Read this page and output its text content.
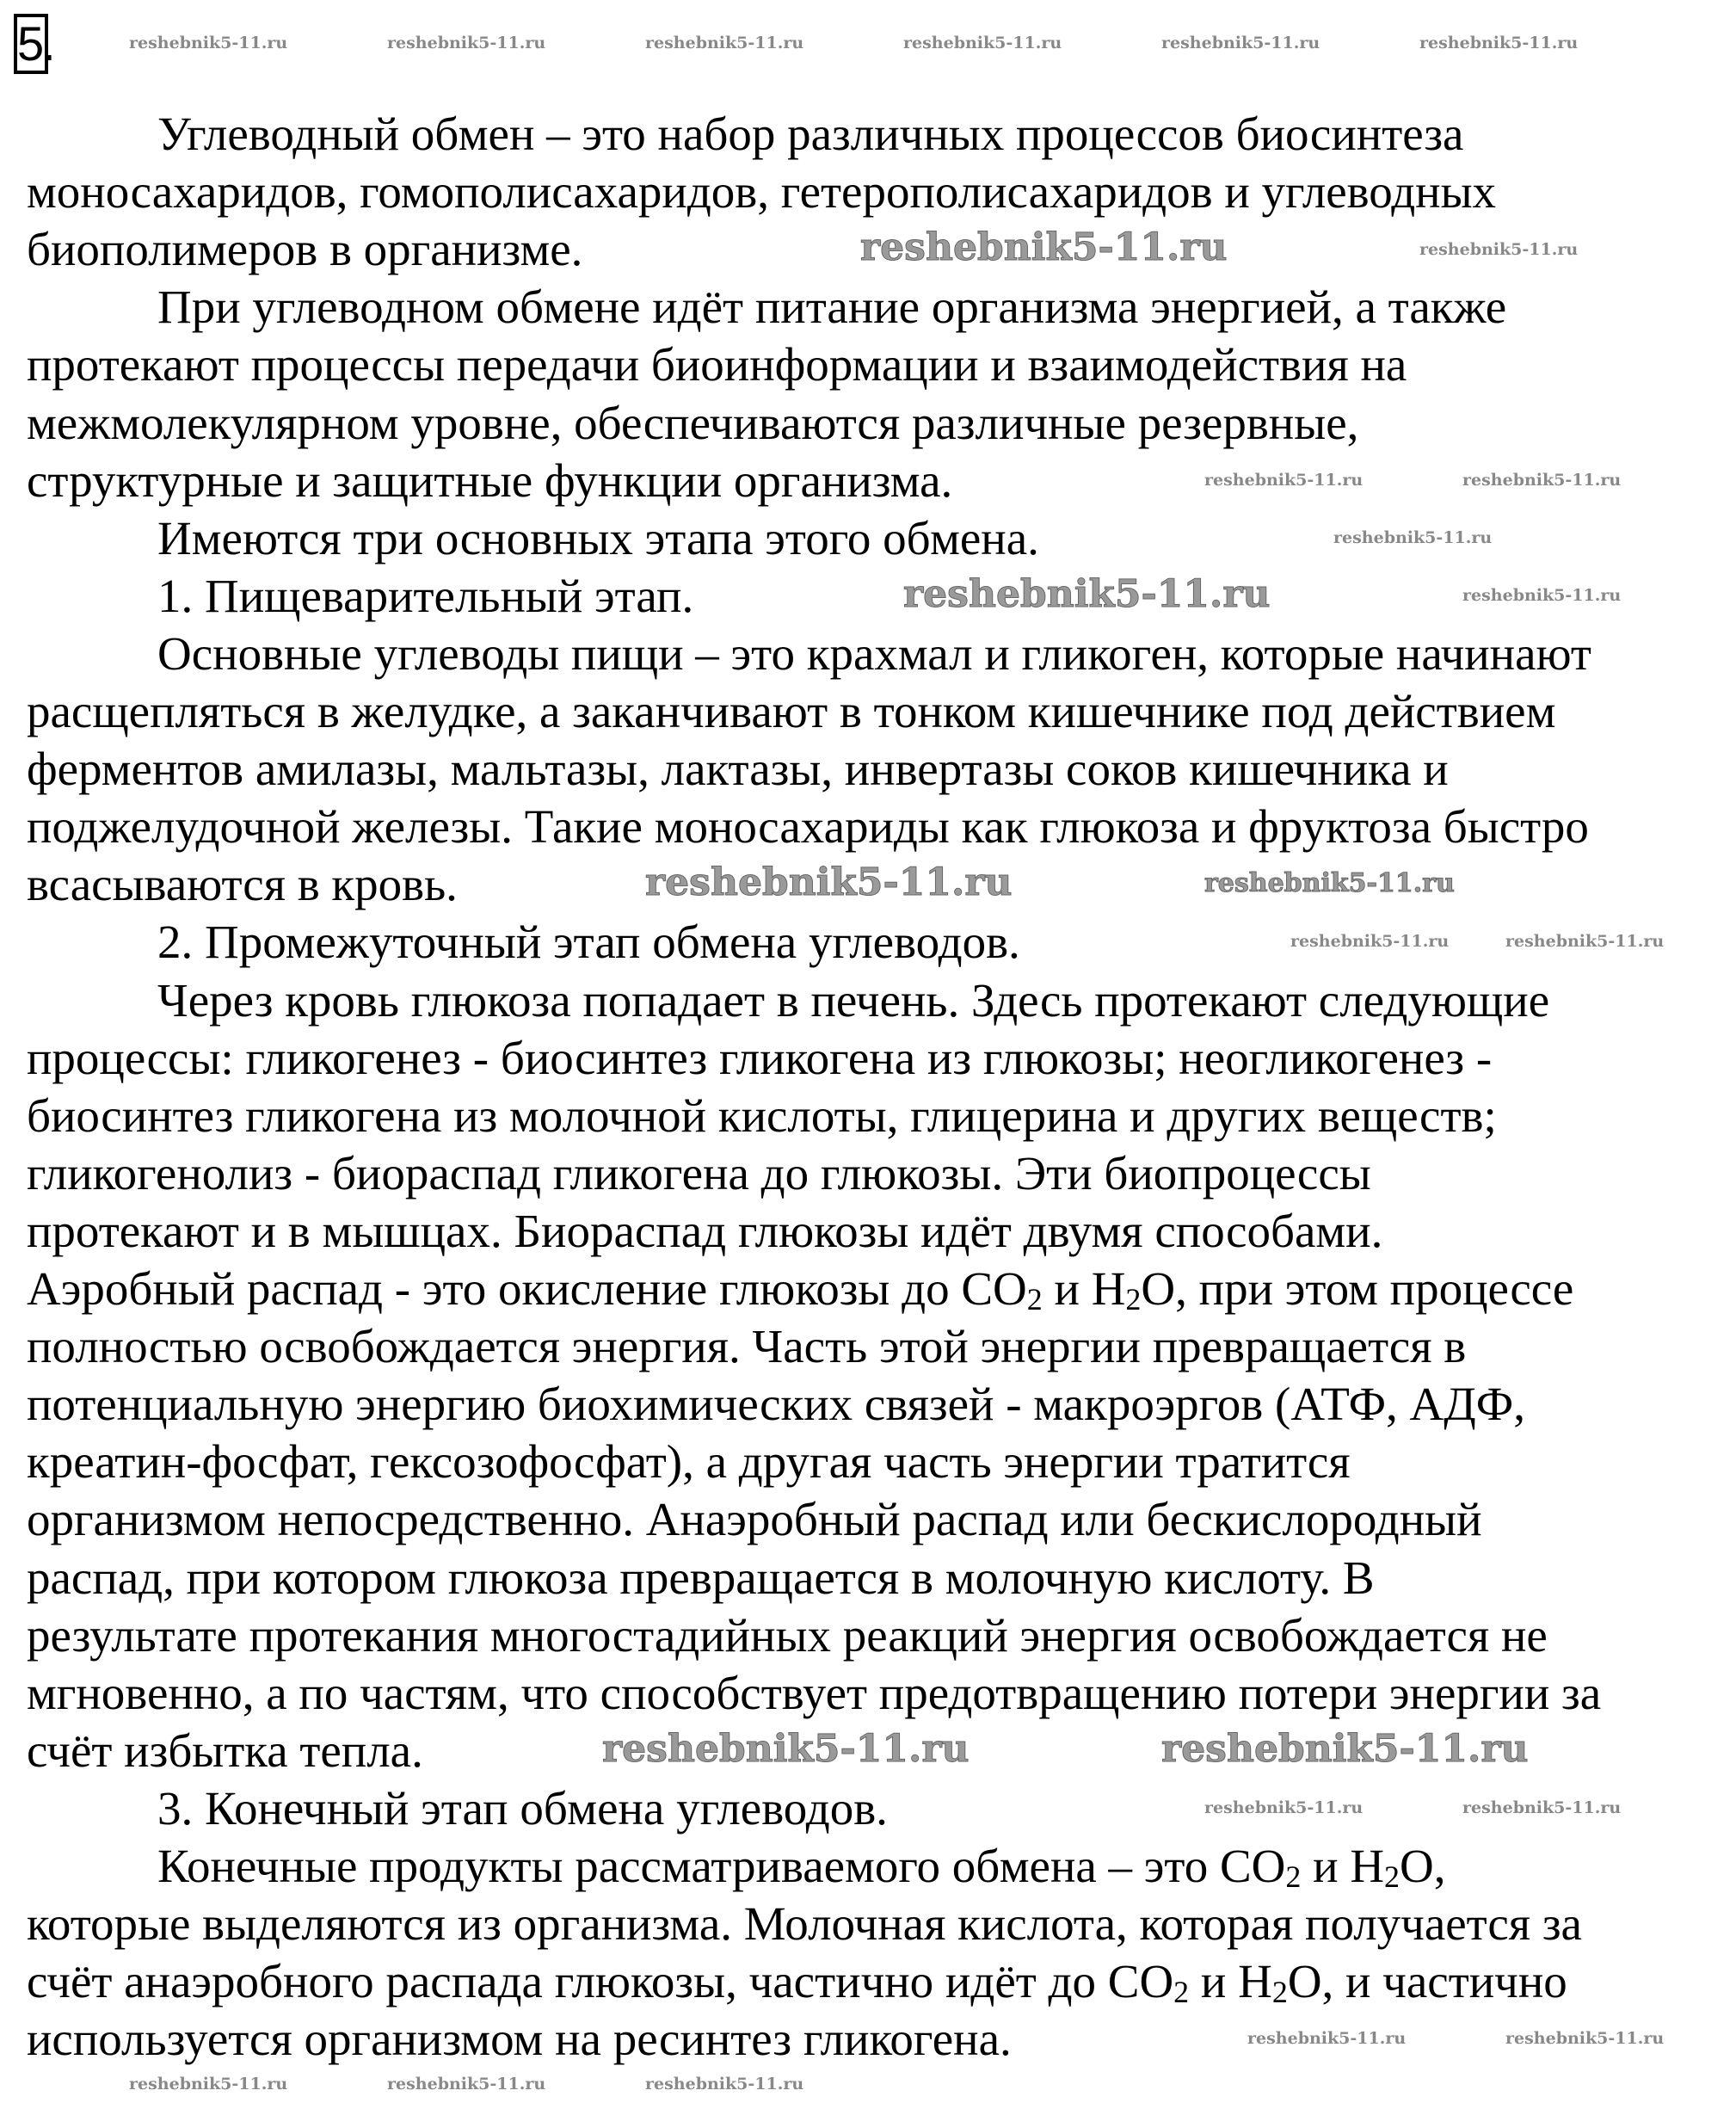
5.
Углеводный обмен – это набор различных процессов биосинтеза
моносахаридов, гомополисахаридов, гетерополисахаридов и углеводных
биополимеров в организме.
При углеводном обмене идёт питание организма энергией, а также
протекают процессы передачи биоинформации и взаимодействия на
межмолекулярном уровне, обеспечиваются различные резервные,
структурные и защитные функции организма.
Имеются три основных этапа этого обмена.
1. Пищеварительный этап.
Основные углеводы пищи – это крахмал и гликоген, которые начинают
расщепляться в желудке, а заканчивают в тонком кишечнике под действием
ферментов амилазы, мальтазы, лактазы, инвертазы соков кишечника и
поджелудочной железы. Такие моносахариды как глюкоза и фруктоза быстро
всасываются в кровь.
2. Промежуточный этап обмена углеводов.
Через кровь глюкоза попадает в печень. Здесь протекают следующие
процессы: гликогенез - биосинтез гликогена из глюкозы; неогликогенез -
биосинтез гликогена из молочной кислоты, глицерина и других веществ;
гликогенолиз - биораспад гликогена до глюкозы. Эти биопроцессы
протекают и в мышцах. Биораспад глюкозы идёт двумя способами.
Аэробный распад - это окисление глюкозы до $CO_2$ и $H_2O$, при этом процессе
полностью освобождается энергия. Часть этой энергии превращается в
потенциальную энергию биохимических связей - макроэргов (АТФ, АДФ,
креатин-фосфат, гексозофосфат), а другая часть энергии тратится
организмом непосредственно. Анаэробный распад или бескислородный
распад, при котором глюкоза превращается в молочную кислоту. В
результате протекания многостадийных реакций энергия освобождается не
мгновенно, а по частям, что способствует предотвращению потери энергии за
счёт избытка тепла.
3. Конечный этап обмена углеводов.
Конечные продукты рассматриваемого обмена – это $CO_2$ и $H_2O$,
которые выделяются из организма. Молочная кислота, которая получается за
счёт анаэробного распада глюкозы, частично идёт до $CO_2$ и $H_2O$, и частично
используется организмом на ресинтез гликогена.
reshebnik5-11.ru	reshebnik5-11.ru	reshebnik5-11.ru	reshebnik5-11.ru	reshebnik5-11.ru	reshebnik5-11.ru
reshebnik5-11.ru	reshebnik5-11.ru
reshebnik5-11.ru	reshebnik5-11.ru
reshebnik5-11.ru
reshebnik5-11.ru	reshebnik5-11.ru
reshebnik5-11.ru	reshebnik5-11.ru
reshebnik5-11.ru	reshebnik5-11.ru
reshebnik5-11.ru	reshebnik5-11.ru
reshebnik5-11.ru	reshebnik5-11.ru
reshebnik5-11.ru	reshebnik5-11.ru
reshebnik5-11.ru	reshebnik5-11.ru	reshebnik5-11.ru
